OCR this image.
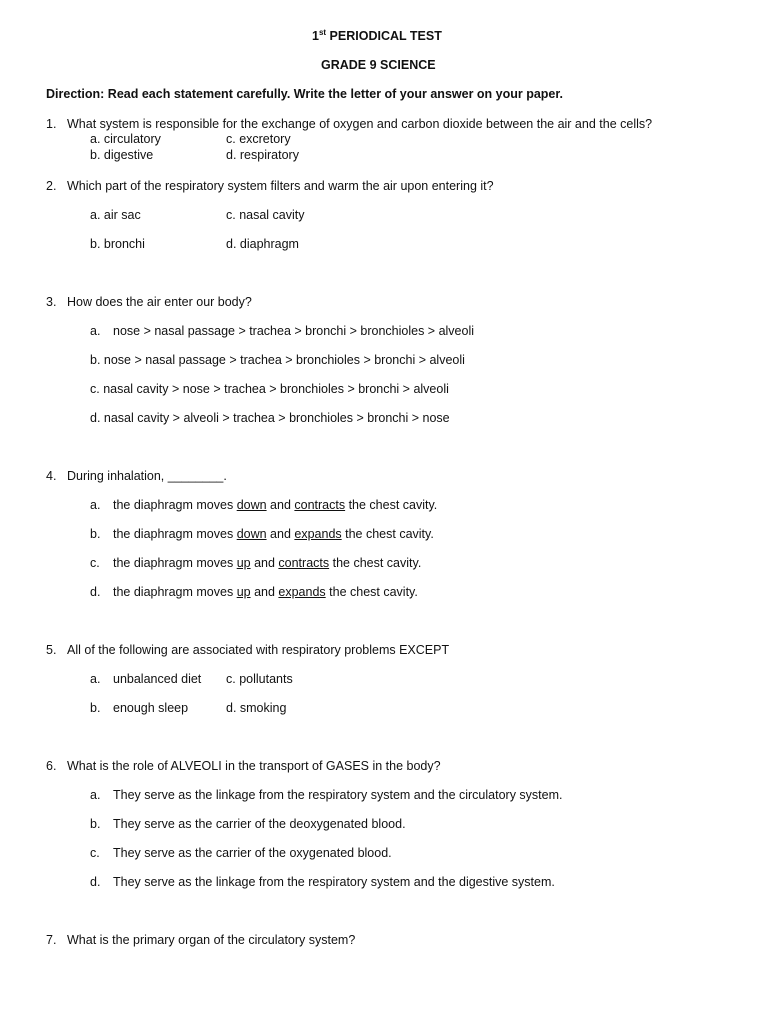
1st PERIODICAL TEST
GRADE 9 SCIENCE
Direction: Read each statement carefully. Write the letter of your answer on your paper.
1. What system is responsible for the exchange of oxygen and carbon dioxide between the air and the cells?
a. circulatory	c. excretory
b. digestive	d. respiratory
2. Which part of the respiratory system filters and warm the air upon entering it?
a. air sac	c. nasal cavity
b. bronchi	d. diaphragm
3. How does the air enter our body?
a. nose > nasal passage > trachea > bronchi > bronchioles > alveoli
b. nose > nasal passage > trachea > bronchioles > bronchi > alveoli
c. nasal cavity > nose > trachea > bronchioles > bronchi > alveoli
d. nasal cavity > alveoli > trachea > bronchioles > bronchi > nose
4. During inhalation, ________.
a. the diaphragm moves down and contracts the chest cavity.
b. the diaphragm moves down and expands the chest cavity.
c. the diaphragm moves up and contracts the chest cavity.
d. the diaphragm moves up and expands the chest cavity.
5. All of the following are associated with respiratory problems EXCEPT
a. unbalanced diet c. pollutants
b. enough sleep	d. smoking
6. What is the role of ALVEOLI in the transport of GASES in the body?
a. They serve as the linkage from the respiratory system and the circulatory system.
b. They serve as the carrier of the deoxygenated blood.
c. They serve as the carrier of the oxygenated blood.
d. They serve as the linkage from the respiratory system and the digestive system.
7. What is the primary organ of the circulatory system?
